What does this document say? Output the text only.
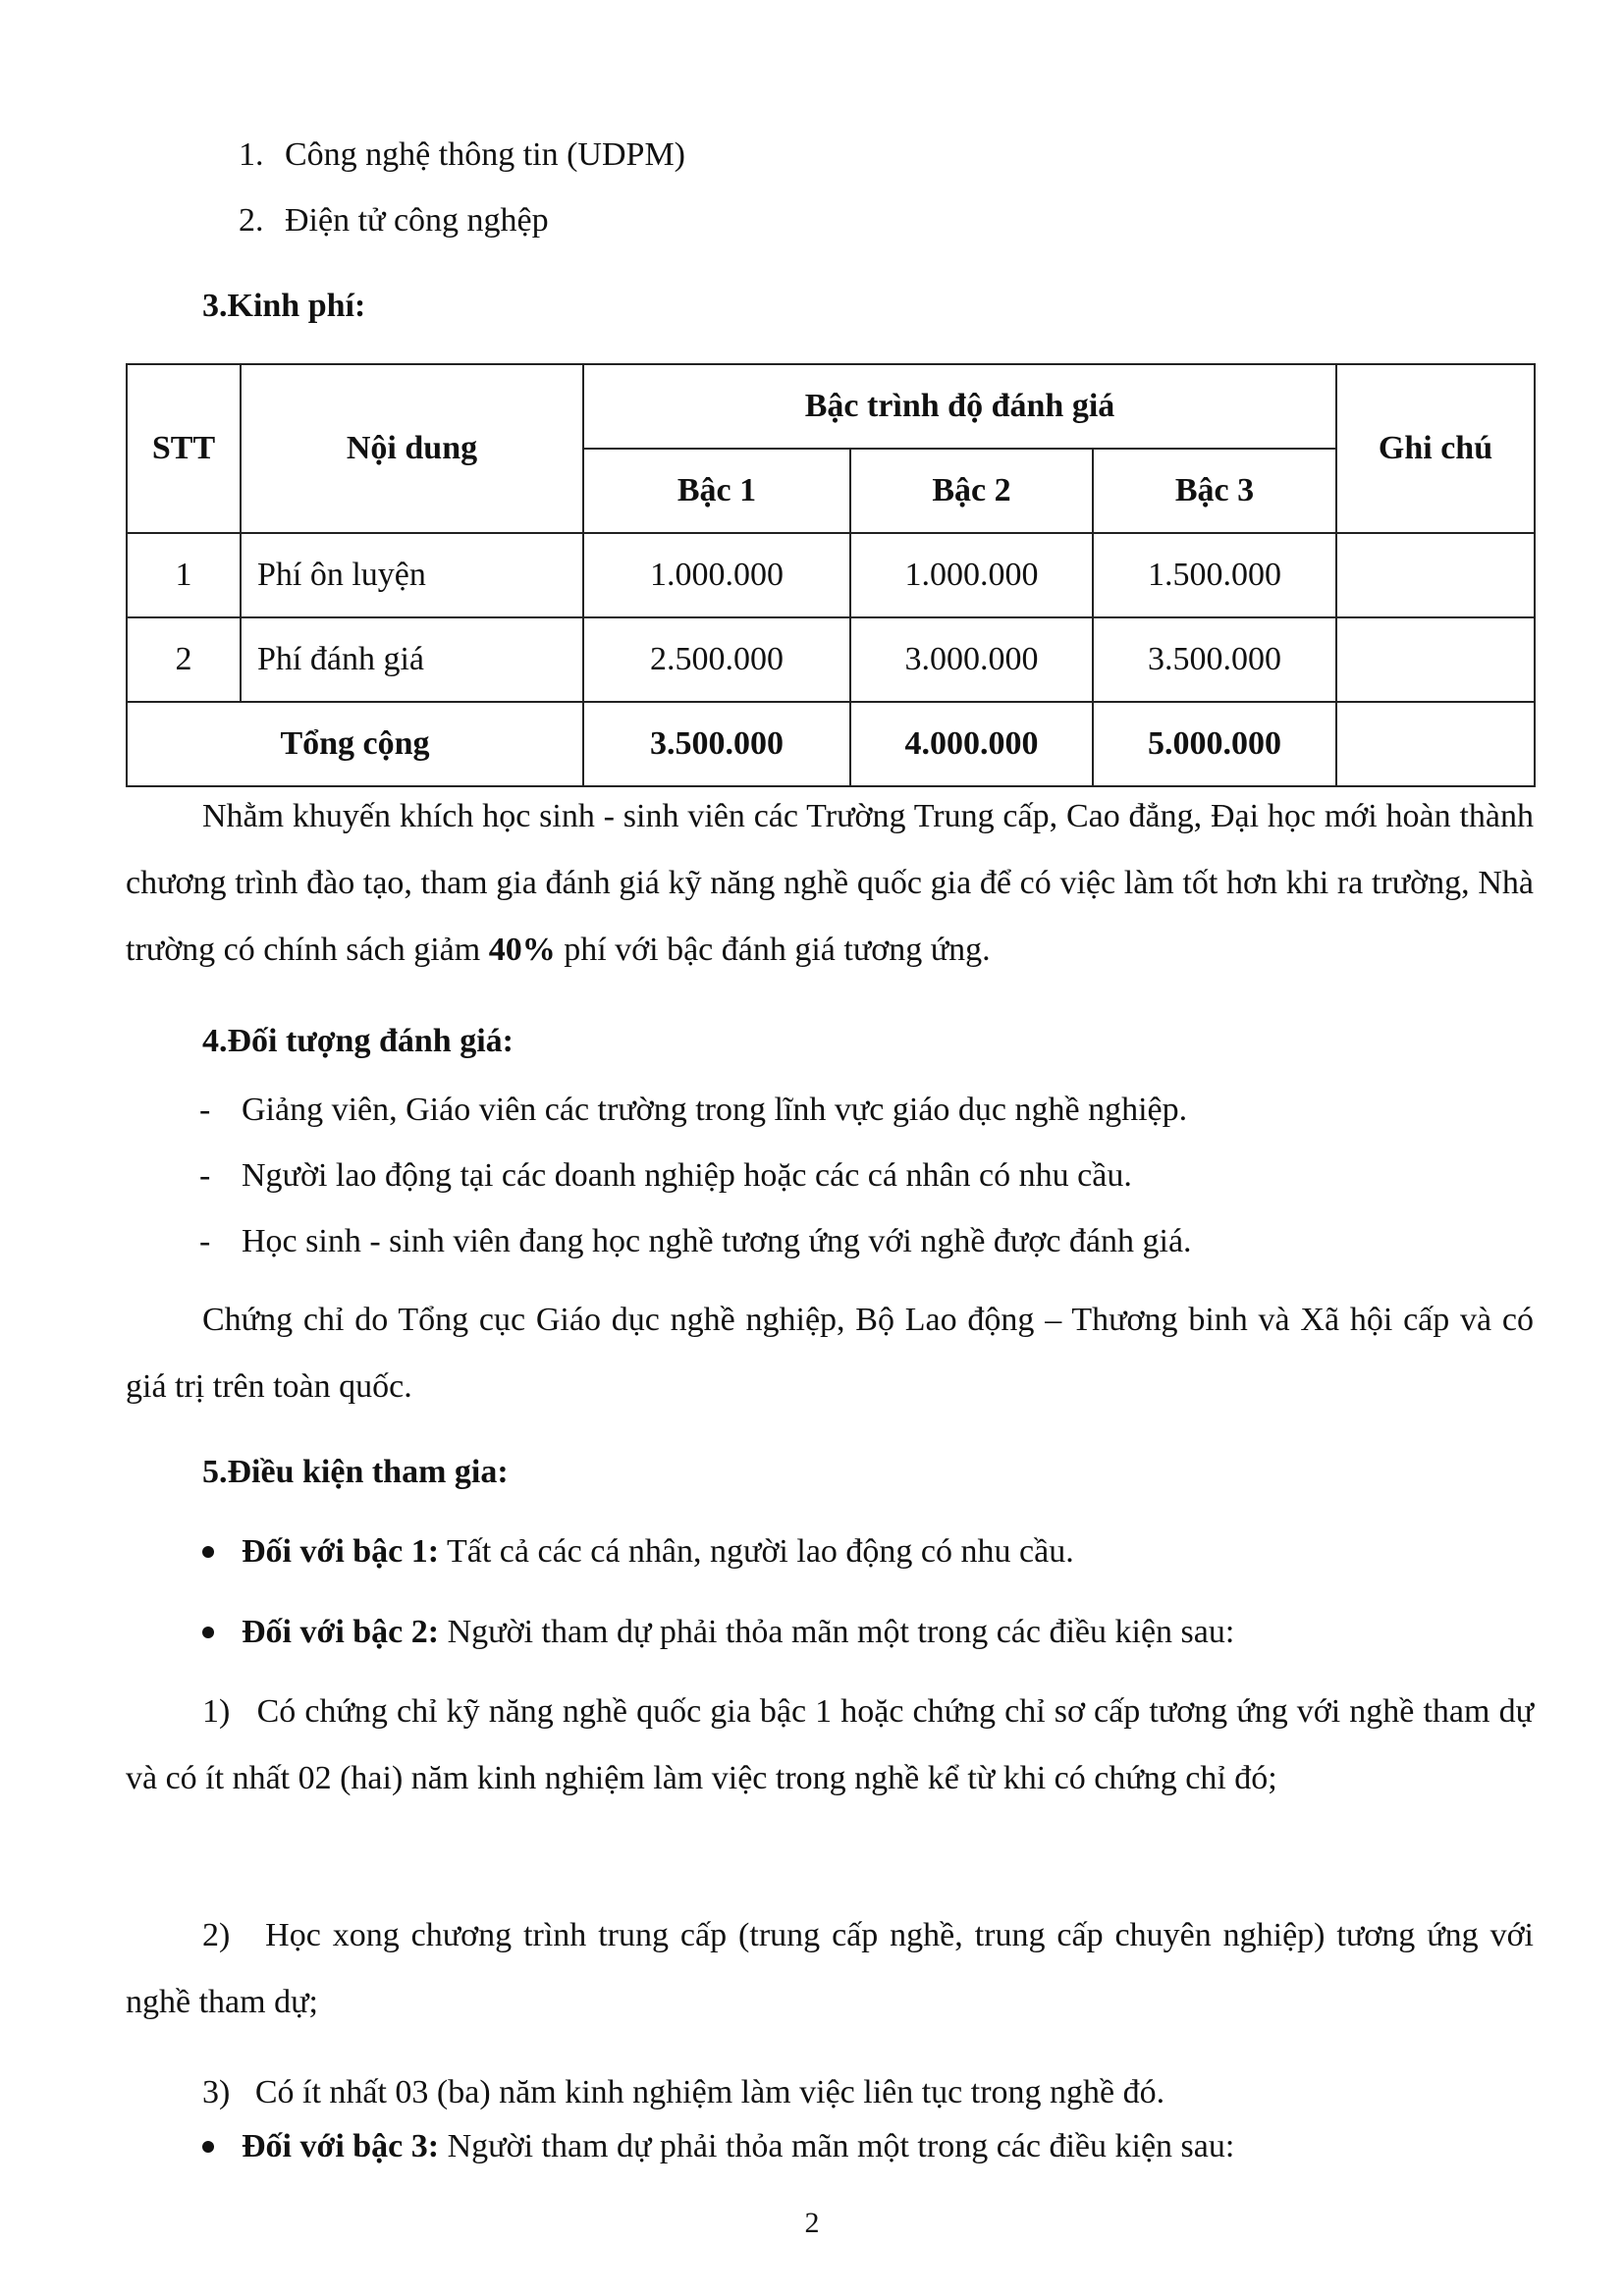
1. Công nghệ thông tin (UDPM)
2. Điện tử công nghệp
3.Kinh phí:
STT	Nội dung	Bậc trình độ đánh giá			Ghi chú
		Bậc 1	Bậc 2	Bậc 3	
1	Phí ôn luyện	1.000.000	1.000.000	1.500.000	
2	Phí đánh giá	2.500.000	3.000.000	3.500.000	
Tổng cộng		3.500.000	4.000.000	5.000.000	
Nhằm khuyến khích học sinh - sinh viên các Trường Trung cấp, Cao đẳng, Đại học mới hoàn thành chương trình đào tạo, tham gia đánh giá kỹ năng nghề quốc gia để có việc làm tốt hơn khi ra trường, Nhà trường có chính sách giảm 40% phí với bậc đánh giá tương ứng.
4.Đối tượng đánh giá:
- Giảng viên, Giáo viên các trường trong lĩnh vực giáo dục nghề nghiệp.
- Người lao động tại các doanh nghiệp hoặc các cá nhân có nhu cầu.
- Học sinh - sinh viên đang học nghề tương ứng với nghề được đánh giá.
Chứng chỉ do Tổng cục Giáo dục nghề nghiệp, Bộ Lao động – Thương binh và Xã hội cấp và có giá trị trên toàn quốc.
5.Điều kiện tham gia:
Đối với bậc 1: Tất cả các cá nhân, người lao động có nhu cầu.
Đối với bậc 2: Người tham dự phải thỏa mãn một trong các điều kiện sau:
1) Có chứng chỉ kỹ năng nghề quốc gia bậc 1 hoặc chứng chỉ sơ cấp tương ứng với nghề tham dự và có ít nhất 02 (hai) năm kinh nghiệm làm việc trong nghề kể từ khi có chứng chỉ đó;
2) Học xong chương trình trung cấp (trung cấp nghề, trung cấp chuyên nghiệp) tương ứng với nghề tham dự;
3) Có ít nhất 03 (ba) năm kinh nghiệm làm việc liên tục trong nghề đó.
Đối với bậc 3: Người tham dự phải thỏa mãn một trong các điều kiện sau:
2
